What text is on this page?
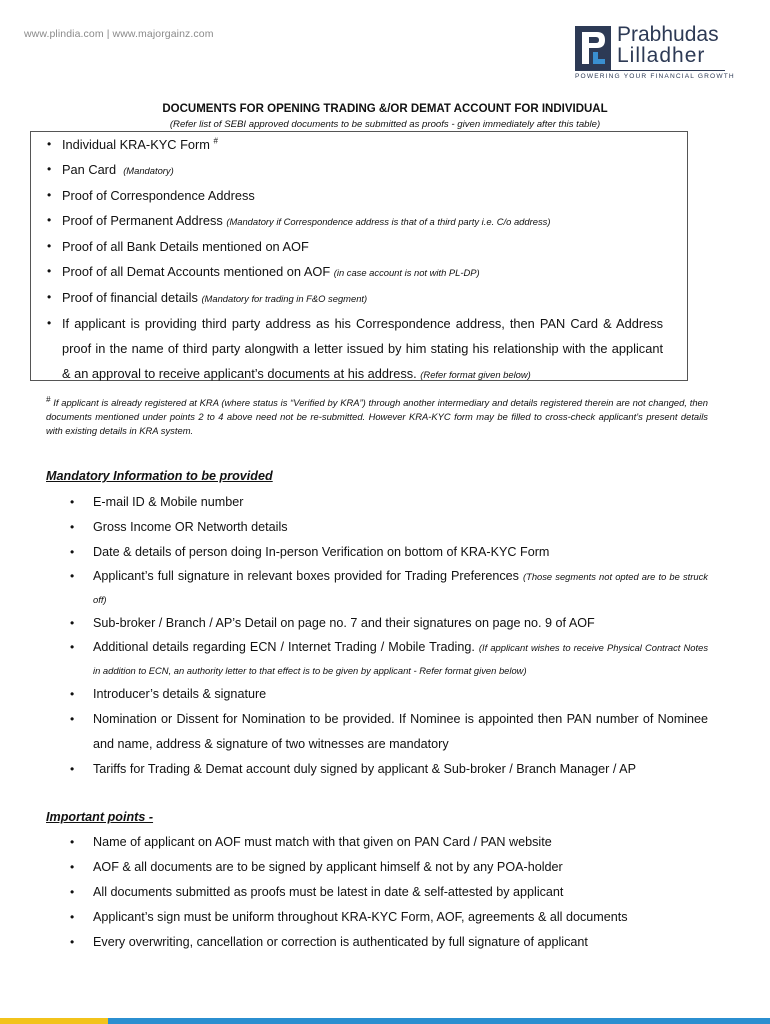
www.plindia.com | www.majorgainz.com	Prabhudas
Lilladher
POWERING YOUR FINANCIAL GROWTH
DOCUMENTS FOR OPENING TRADING &/OR DEMAT ACCOUNT FOR INDIVIDUAL
(Refer list of SEBI approved documents to be submitted as proofs - given immediately after this table)
• Individual KRA-KYC Form #
• Pan Card (Mandatory)
• Proof of Correspondence Address
• Proof of Permanent Address (Mandatory if Correspondence address is that of a third party i.e. C/o address)
• Proof of all Bank Details mentioned on AOF
• Proof of all Demat Accounts mentioned on AOF (in case account is not with PL-DP)
• Proof of financial details (Mandatory for trading in F&O segment)
• If applicant is providing third party address as his Correspondence address, then PAN Card & Address proof in the name of third party alongwith a letter issued by him stating his relationship with the applicant & an approval to receive applicant’s documents at his address. (Refer format given below)
# If applicant is already registered at KRA (where status is “Verified by KRA”) through another intermediary and details registered therein are not changed, then documents mentioned under points 2 to 4 above need not be re-submitted. However KRA-KYC form may be filled to cross-check applicant’s present details with existing details in KRA system.
Mandatory Information to be provided
• E-mail ID & Mobile number
• Gross Income OR Networth details
• Date & details of person doing In-person Verification on bottom of KRA-KYC Form
• Applicant’s full signature in relevant boxes provided for Trading Preferences (Those segments not opted are to be struck off)
• Sub-broker / Branch / AP’s Detail on page no. 7 and their signatures on page no. 9 of AOF
• Additional details regarding ECN / Internet Trading / Mobile Trading. (If applicant wishes to receive Physical Contract Notes in addition to ECN, an authority letter to that effect is to be given by applicant - Refer format given below)
• Introducer’s details & signature
• Nomination or Dissent for Nomination to be provided. If Nominee is appointed then PAN number of Nominee and name, address & signature of two witnesses are mandatory
• Tariffs for Trading & Demat account duly signed by applicant & Sub-broker / Branch Manager / AP
Important points -
• Name of applicant on AOF must match with that given on PAN Card / PAN website
• AOF & all documents are to be signed by applicant himself & not by any POA-holder
• All documents submitted as proofs must be latest in date & self-attested by applicant
• Applicant’s sign must be uniform throughout KRA-KYC Form, AOF, agreements & all documents
• Every overwriting, cancellation or correction is authenticated by full signature of applicant
